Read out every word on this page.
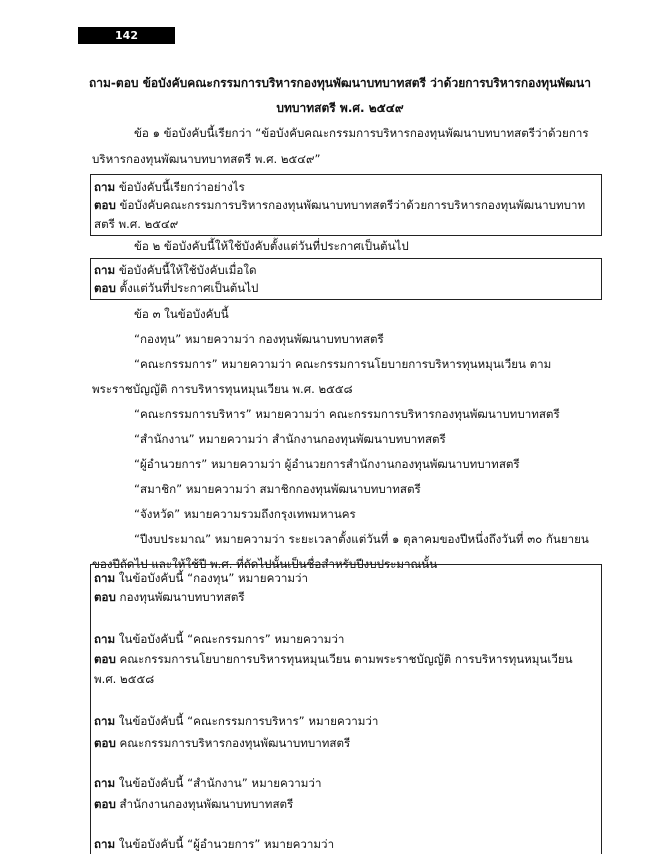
142
ถาม-ตอบ ข้อบังคับคณะกรรมการบริหารกองทุนพัฒนาบทบาทสตรี ว่าด้วยการบริหารกองทุนพัฒนา
บทบาทสตรี พ.ศ. ๒๕๔๙
ข้อ ๑ ข้อบังคับนี้เรียกว่า “ข้อบังคับคณะกรรมการบริหารกองทุนพัฒนาบทบาทสตรีว่าด้วยการ
บริหารกองทุนพัฒนาบทบาทสตรี พ.ศ. ๒๕๔๙”
ถาม ข้อบังคับนี้เรียกว่าอย่างไร
ตอบ ข้อบังคับคณะกรรมการบริหารกองทุนพัฒนาบทบาทสตรีว่าด้วยการบริหารกองทุนพัฒนาบทบาท
สตรี พ.ศ. ๒๕๔๙
ข้อ ๒ ข้อบังคับนี้ให้ใช้บังคับตั้งแต่วันที่ประกาศเป็นต้นไป
ถาม ข้อบังคับนี้ให้ใช้บังคับเมื่อใด
ตอบ ตั้งแต่วันที่ประกาศเป็นต้นไป
ข้อ ๓ ในข้อบังคับนี้
“กองทุน” หมายความว่า กองทุนพัฒนาบทบาทสตรี
“คณะกรรมการ” หมายความว่า คณะกรรมการนโยบายการบริหารทุนหมุนเวียน ตาม
พระราชบัญญัติ การบริหารทุนหมุนเวียน พ.ศ. ๒๕๕๘
“คณะกรรมการบริหาร” หมายความว่า คณะกรรมการบริหารกองทุนพัฒนาบทบาทสตรี
“สำนักงาน” หมายความว่า สำนักงานกองทุนพัฒนาบทบาทสตรี
“ผู้อำนวยการ” หมายความว่า ผู้อำนวยการสำนักงานกองทุนพัฒนาบทบาทสตรี
“สมาชิก” หมายความว่า สมาชิกกองทุนพัฒนาบทบาทสตรี
“จังหวัด” หมายความรวมถึงกรุงเทพมหานคร
“ปีงบประมาณ” หมายความว่า ระยะเวลาตั้งแต่วันที่ ๑ ตุลาคมของปีหนึ่งถึงวันที่ ๓๐ กันยายน
ของปีถัดไป และให้ใช้ปี พ.ศ. ที่ถัดไปนั้นเป็นชื่อสำหรับปีงบประมาณนั้น
ถาม ในข้อบังคับนี้ “กองทุน” หมายความว่า
ตอบ กองทุนพัฒนาบทบาทสตรี
ถาม ในข้อบังคับนี้ “คณะกรรมการ” หมายความว่า
ตอบ คณะกรรมการนโยบายการบริหารทุนหมุนเวียน ตามพระราชบัญญัติ การบริหารทุนหมุนเวียน
พ.ศ. ๒๕๕๘
ถาม ในข้อบังคับนี้ “คณะกรรมการบริหาร” หมายความว่า
ตอบ คณะกรรมการบริหารกองทุนพัฒนาบทบาทสตรี
ถาม ในข้อบังคับนี้ “สำนักงาน” หมายความว่า
ตอบ สำนักงานกองทุนพัฒนาบทบาทสตรี
ถาม ในข้อบังคับนี้ “ผู้อำนวยการ” หมายความว่า
